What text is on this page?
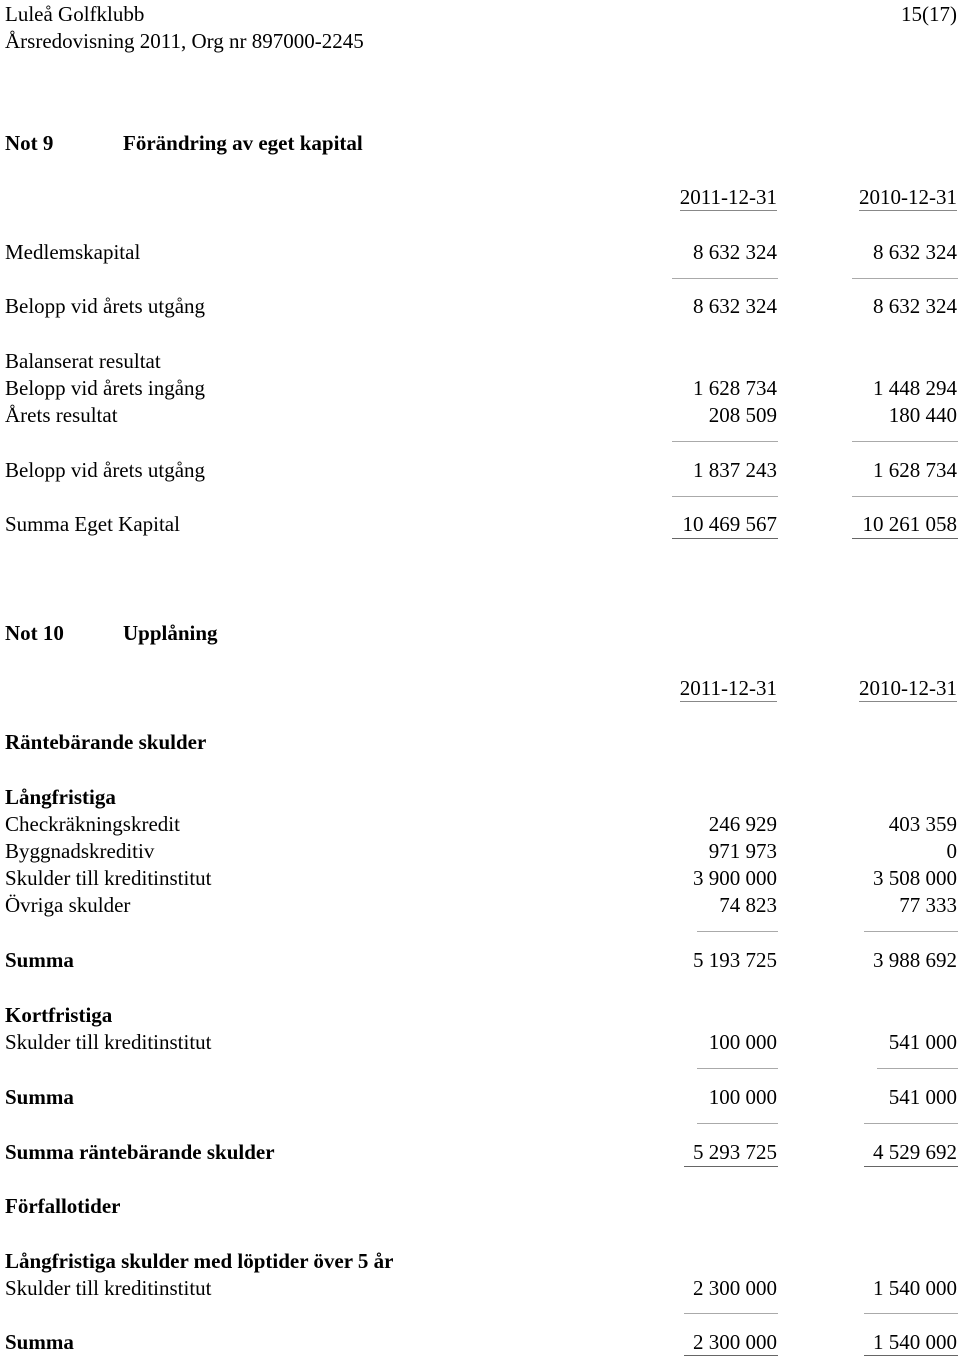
Luleå Golfklubb	15(17)
Årsredovisning 2011, Org nr 897000-2245
Not 9	Förändring av eget kapital
2011-12-31	2010-12-31
Medlemskapital	8 632 324	8 632 324
Belopp vid årets utgång	8 632 324	8 632 324
Balanserat resultat
Belopp vid årets ingång	1 628 734	1 448 294
Årets resultat	208 509	180 440
Belopp vid årets utgång	1 837 243	1 628 734
Summa Eget Kapital	10 469 567	10 261 058
Not 10	Upplåning
2011-12-31	2010-12-31
Räntebärande skulder
Långfristiga
Checkräkningskredit	246 929	403 359
Byggnadskreditiv	971 973	0
Skulder till kreditinstitut	3 900 000	3 508 000
Övriga skulder	74 823	77 333
Summa	5 193 725	3 988 692
Kortfristiga
Skulder till kreditinstitut	100 000	541 000
Summa	100 000	541 000
Summa räntebärande skulder	5 293 725	4 529 692
Förfallotider
Långfristiga skulder med löptider över 5 år
Skulder till kreditinstitut	2 300 000	1 540 000
Summa	2 300 000	1 540 000
